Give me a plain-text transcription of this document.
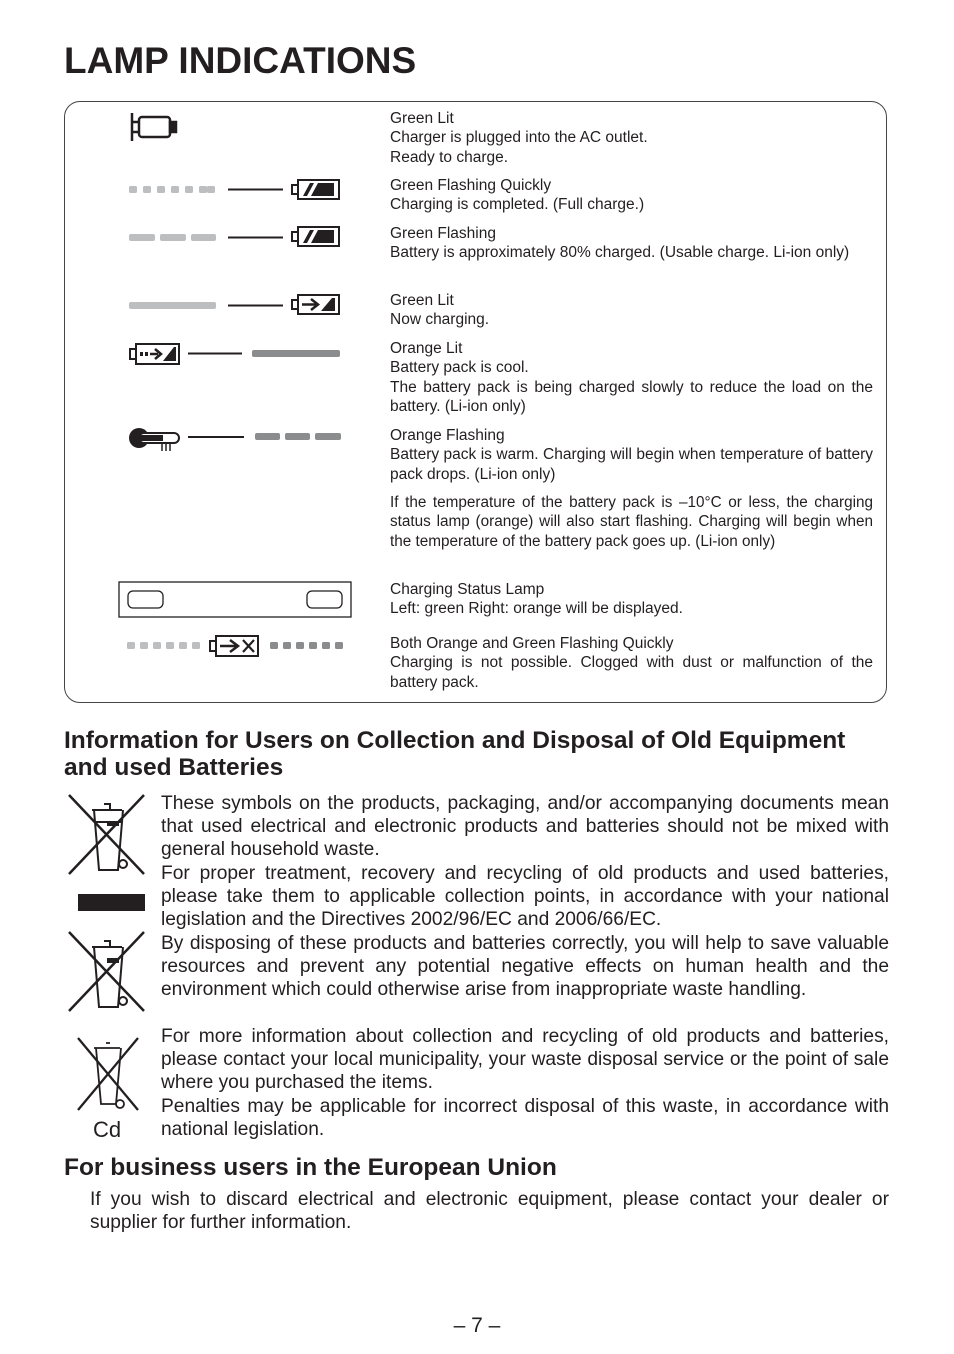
LAMP INDICATIONS
Green Lit
Charger is plugged into the AC outlet.
Ready to charge.
Green Flashing Quickly
Charging is completed. (Full charge.)
Green Flashing
Battery is approximately 80% charged. (Usable charge. Li-ion only)
Green Lit
Now charging.
Orange Lit
Battery pack is cool.
The battery pack is being charged slowly to reduce the load on the battery. (Li-ion only)
Orange Flashing
Battery pack is warm. Charging will begin when temperature of battery pack drops. (Li-ion only)
If the temperature of the battery pack is –10°C or less, the charging status lamp (orange) will also start flashing. Charging will begin when the temperature of the battery pack goes up. (Li-ion only)
Charging Status Lamp
Left: green Right: orange will be displayed.
Both Orange and Green Flashing Quickly
Charging is not possible. Clogged with dust or malfunction of the battery pack.
Information for Users on Collection and Disposal of Old Equipment and used Batteries
Cd
These symbols on the products, packaging, and/or accompanying documents mean that used electrical and electronic products and batteries should not be mixed with general household waste.
For proper treatment, recovery and recycling of old products and used batteries, please take them to applicable collection points, in accordance with your national legislation and the Directives 2002/96/EC and 2006/66/EC.
By disposing of these products and batteries correctly, you will help to save valuable resources and prevent any potential negative effects on human health and the environment which could otherwise arise from inappropriate waste handling.
For more information about collection and recycling of old products and batteries, please contact your local municipality, your waste disposal service or the point of sale where you purchased the items.
Penalties may be applicable for incorrect disposal of this waste, in accordance with national legislation.
For business users in the European Union
If you wish to discard electrical and electronic equipment, please contact your dealer or supplier for further information.
– 7 –
